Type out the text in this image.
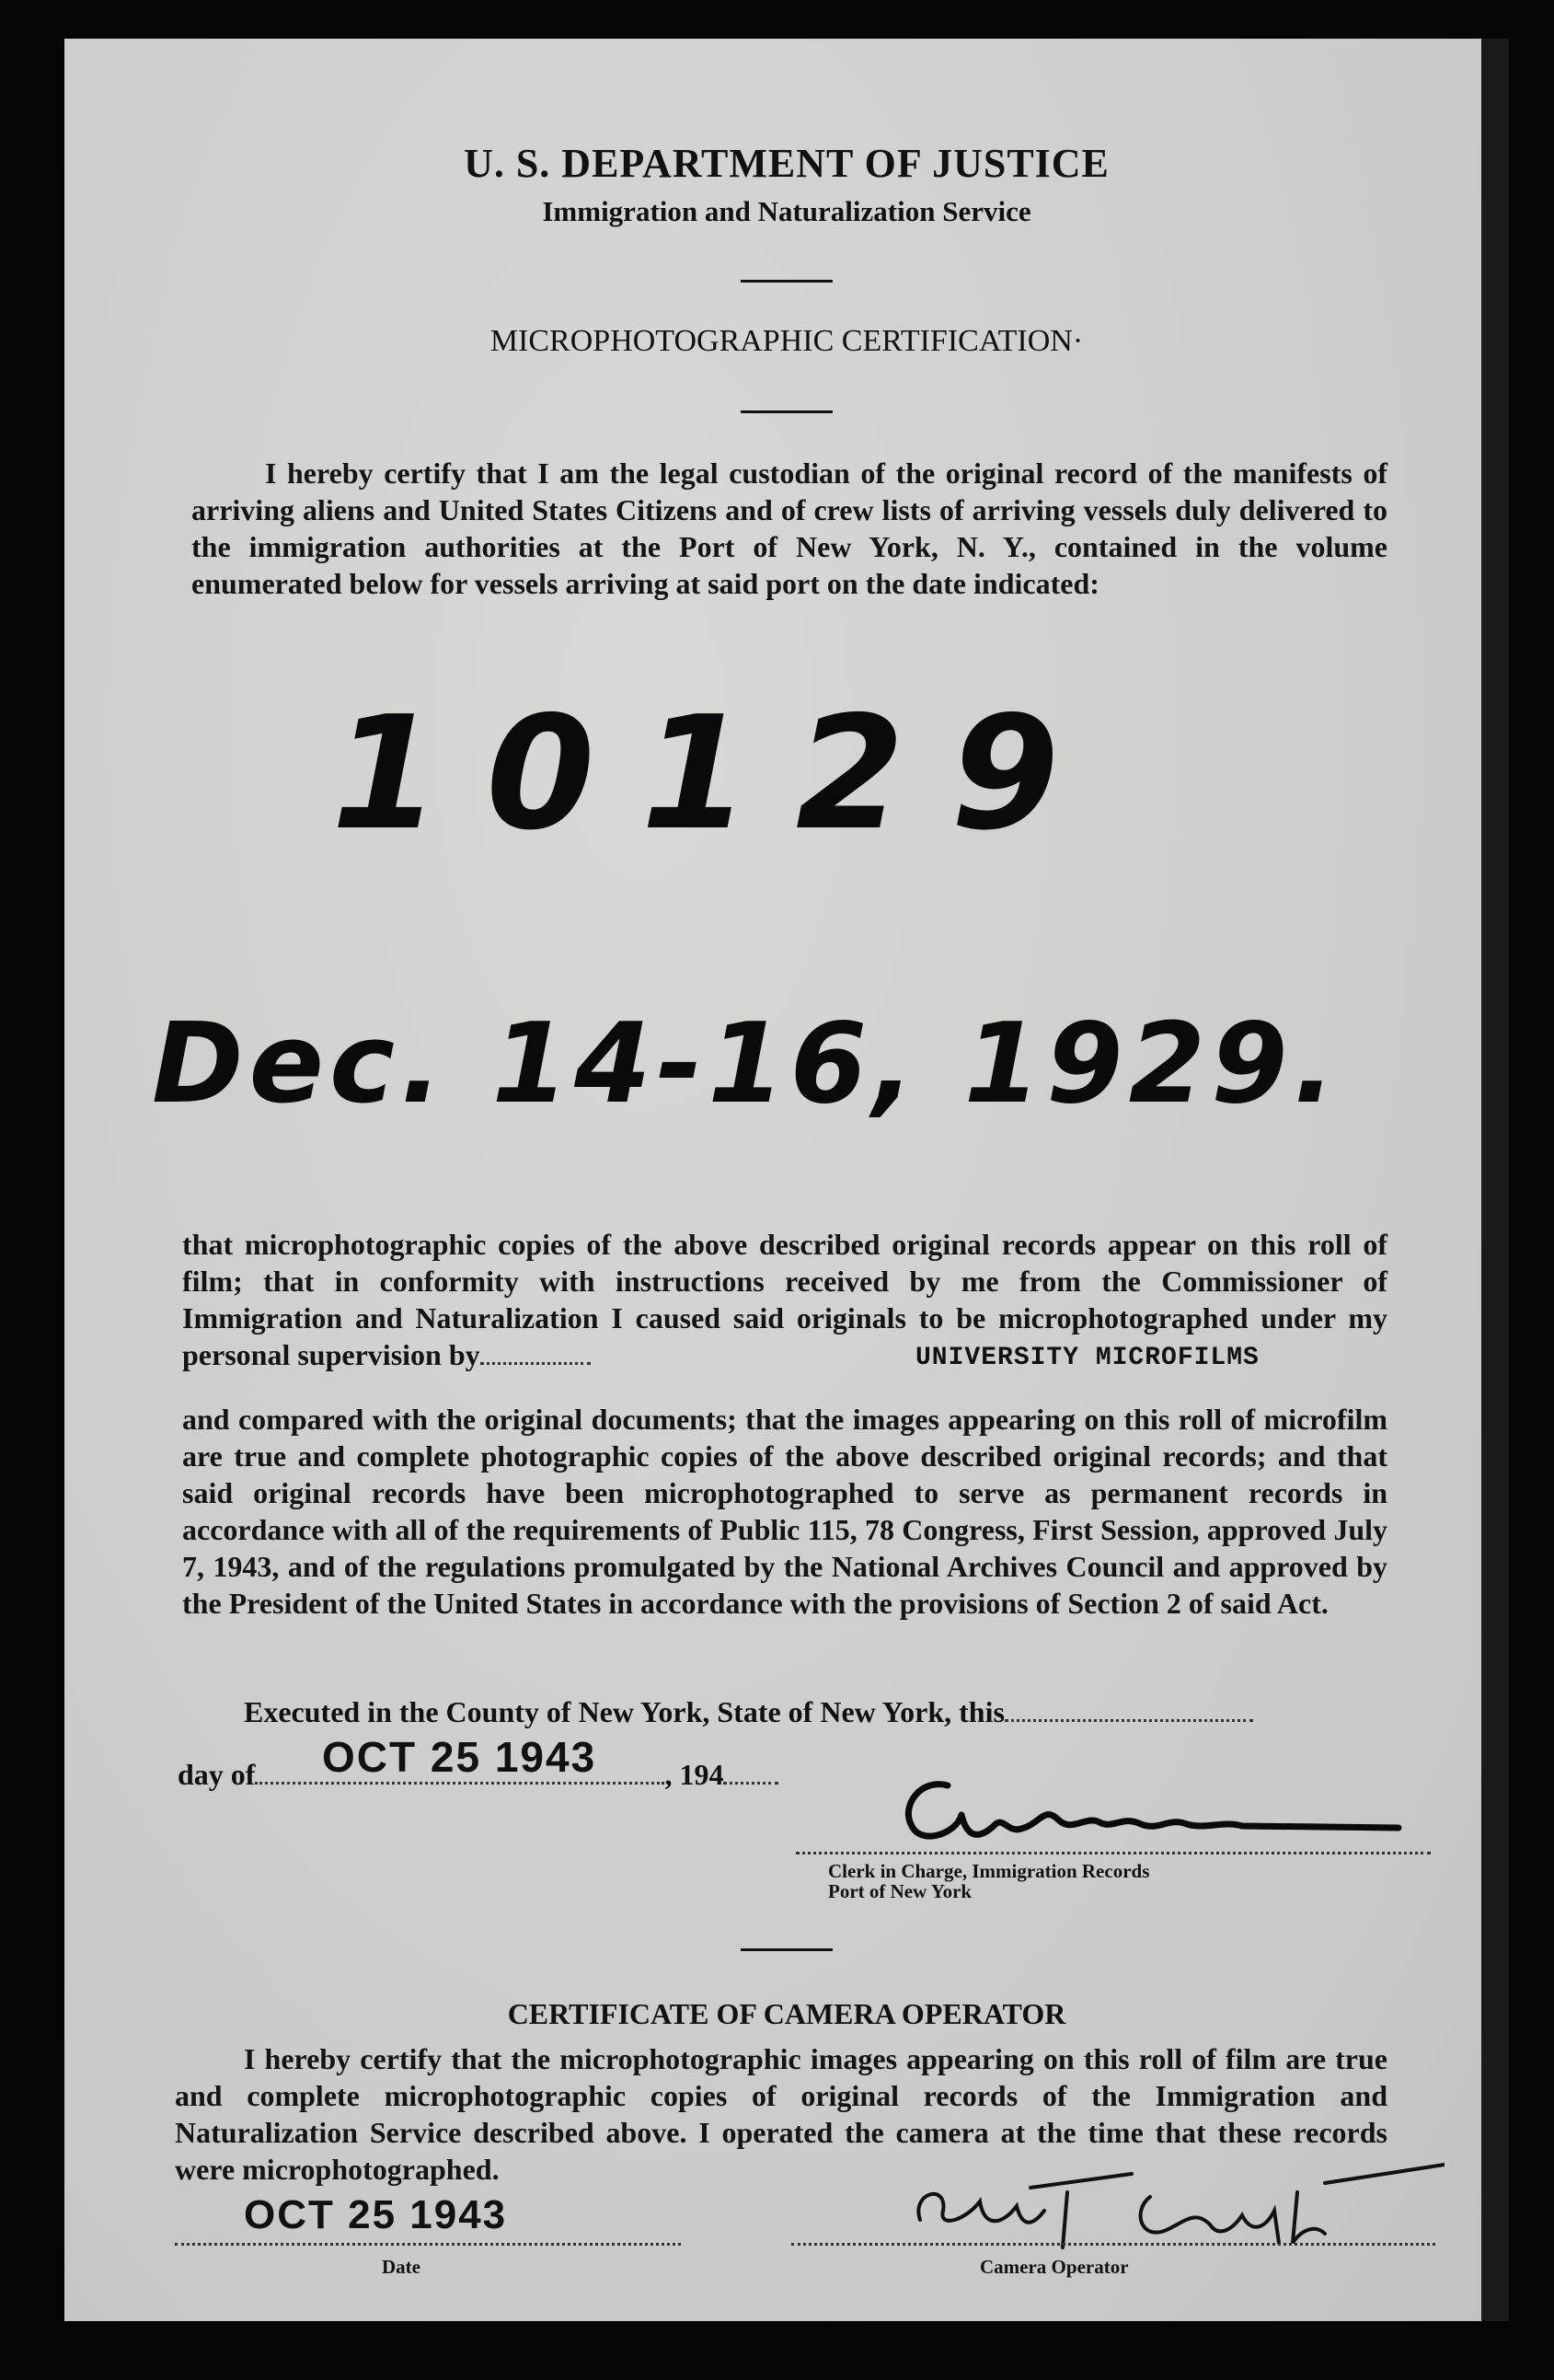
U. S. DEPARTMENT OF JUSTICE
Immigration and Naturalization Service
MICROPHOTOGRAPHIC CERTIFICATION·
I hereby certify that I am the legal custodian of the original record of the manifests of arriving aliens and United States Citizens and of crew lists of arriving vessels duly delivered to the immigration authorities at the Port of New York, N. Y., contained in the volume enumerated below for vessels arriving at said port on the date indicated:
10129
Dec. 14-16, 1929.
that microphotographic copies of the above described original records appear on this roll of film; that in conformity with instructions received by me from the Commissioner of Immigration and Naturalization I caused said originals to be microphotographed under my personal supervision by	UNIVERSITY MICROFILMS
and compared with the original documents; that the images appearing on this roll of microfilm are true and complete photographic copies of the above described original records; and that said original records have been microphotographed to serve as permanent records in accordance with all of the requirements of Public 115, 78 Congress, First Session, approved July 7, 1943, and of the regulations promulgated by the National Archives Council and approved by the President of the United States in accordance with the provisions of Section 2 of said Act.
Executed in the County of New York, State of New York, this
day of	, 194
OCT 25 1943
Clerk in Charge, Immigration Records
Port of New York
CERTIFICATE OF CAMERA OPERATOR
I hereby certify that the microphotographic images appearing on this roll of film are true and complete microphotographic copies of original records of the Immigration and Naturalization Service described above. I operated the camera at the time that these records were microphotographed.
OCT 25 1943
Date	Camera Operator
